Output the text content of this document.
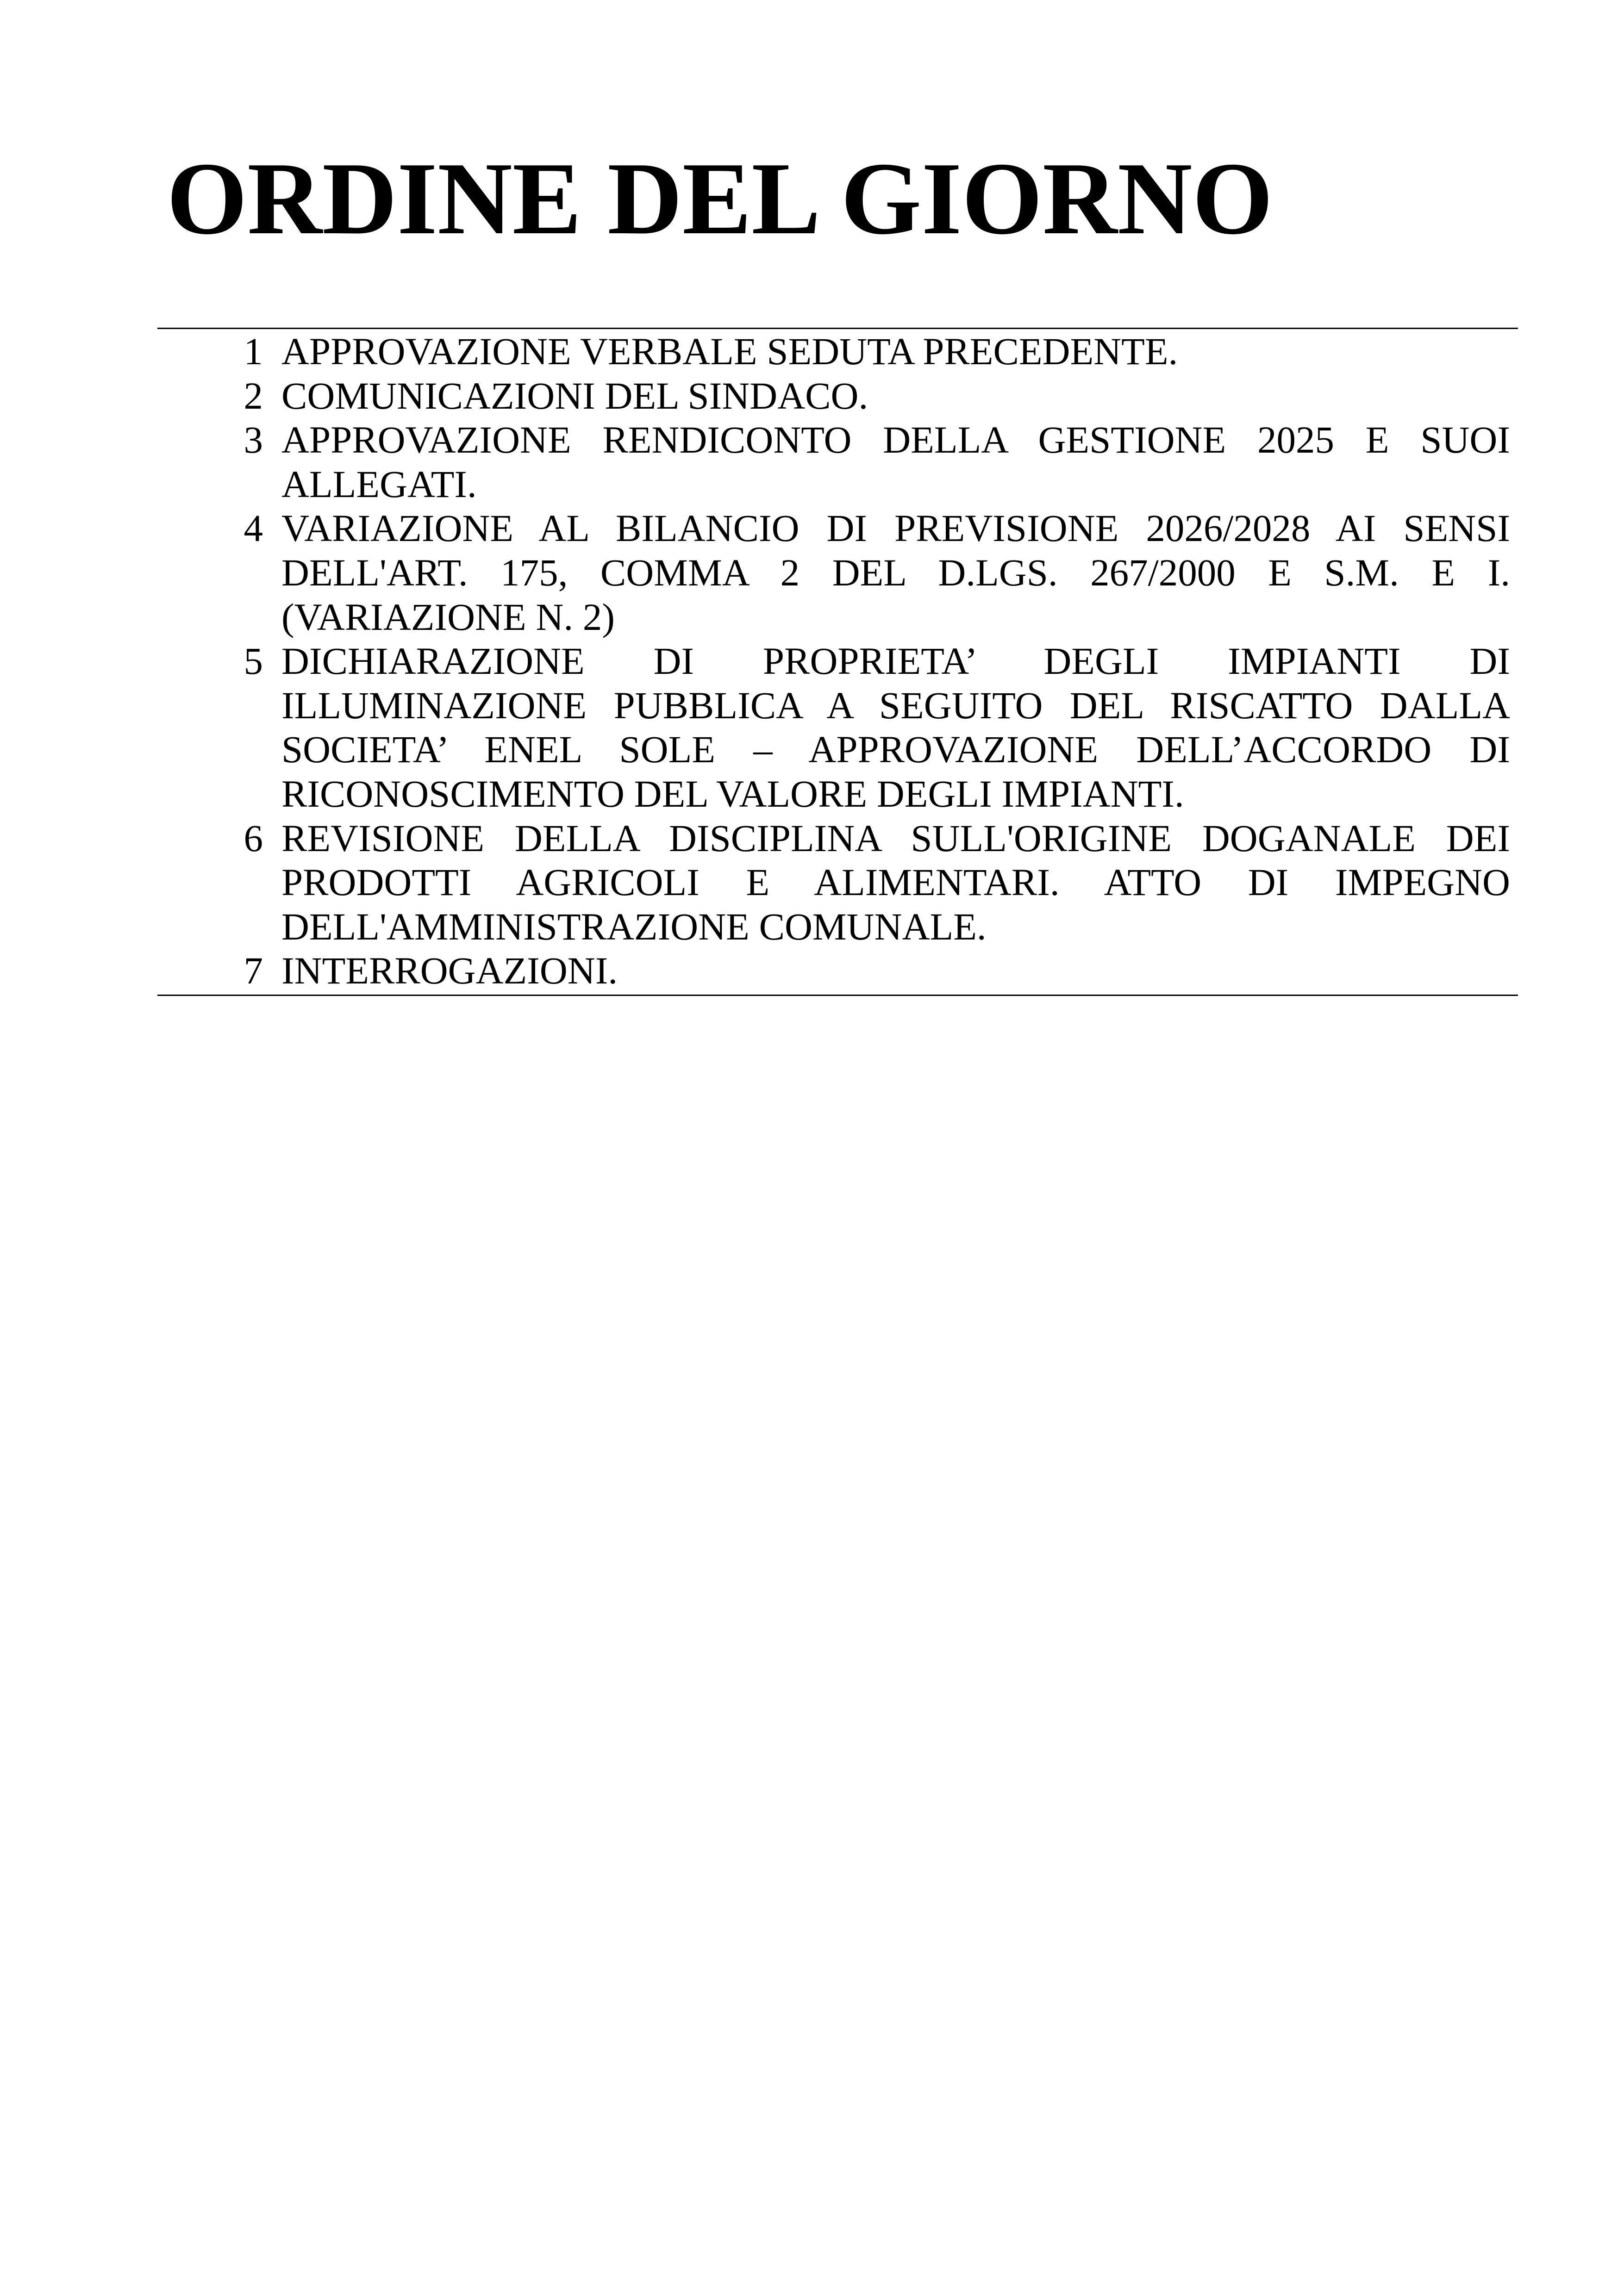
ORDINE DEL GIORNO
1 APPROVAZIONE VERBALE SEDUTA PRECEDENTE.
2 COMUNICAZIONI DEL SINDACO.
3 APPROVAZIONE RENDICONTO DELLA GESTIONE 2025 E SUOI ALLEGATI.
4 VARIAZIONE AL BILANCIO DI PREVISIONE 2026/2028 AI SENSI DELL'ART. 175, COMMA 2 DEL D.LGS. 267/2000 E S.M. E I. (VARIAZIONE N. 2)
5 DICHIARAZIONE DI PROPRIETA’ DEGLI IMPIANTI DI ILLUMINAZIONE PUBBLICA A SEGUITO DEL RISCATTO DALLA SOCIETA’ ENEL SOLE – APPROVAZIONE DELL’ACCORDO DI RICONOSCIMENTO DEL VALORE DEGLI IMPIANTI.
6 REVISIONE DELLA DISCIPLINA SULL'ORIGINE DOGANALE DEI PRODOTTI AGRICOLI E ALIMENTARI. ATTO DI IMPEGNO DELL'AMMINISTRAZIONE COMUNALE.
7 INTERROGAZIONI.
